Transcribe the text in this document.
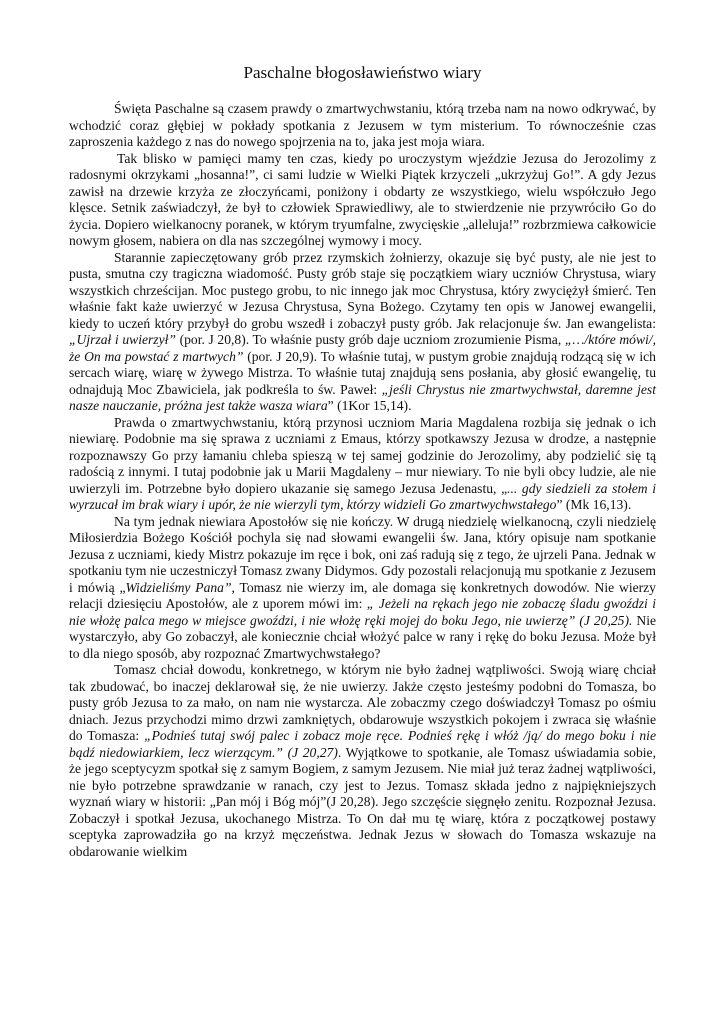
Paschalne błogosławieństwo wiary

Święta Paschalne są czasem prawdy o zmartwychwstaniu, którą trzeba nam na nowo odkrywać, by wchodzić coraz głębiej w pokłady spotkania z Jezusem w tym misterium. To równocześnie czas zaproszenia każdego z nas do nowego spojrzenia na to, jaka jest moja wiara.

Tak blisko w pamięci mamy ten czas, kiedy po uroczystym wjeździe Jezusa do Jerozolimy z radosnymi okrzykami „hosanna!”, ci sami ludzie w Wielki Piątek krzyczeli „ukrzyżuj Go!”. A gdy Jezus zawisł na drzewie krzyża ze złoczyńcami, poniżony i obdarty ze wszystkiego, wielu współczuło Jego klęsce. Setnik zaświadczył, że był to człowiek Sprawiedliwy, ale to stwierdzenie nie przywróciło Go do życia. Dopiero wielkanocny poranek, w którym tryumfalne, zwycięskie „alleluja!” rozbrzmiewa całkowicie nowym głosem, nabiera on dla nas szczególnej wymowy i mocy.

Starannie zapieczętowany grób przez rzymskich żołnierzy, okazuje się być pusty, ale nie jest to pusta, smutna czy tragiczna wiadomość. Pusty grób staje się początkiem wiary uczniów Chrystusa, wiary wszystkich chrześcijan. Moc pustego grobu, to nic innego jak moc Chrystusa, który zwyciężył śmierć. Ten właśnie fakt każe uwierzyć w Jezusa Chrystusa, Syna Bożego. Czytamy ten opis w Janowej ewangelii, kiedy to uczeń który przybył do grobu wszedł i zobaczył pusty grób. Jak relacjonuje św. Jan ewangelista: „Ujrzał i uwierzył” (por. J 20,8). To właśnie pusty grób daje uczniom zrozumienie Pisma, „…/które mówi/, że On ma powstać z martwych” (por. J 20,9). To właśnie tutaj, w pustym grobie znajdują rodzącą się w ich sercach wiarę, wiarę w żywego Mistrza. To właśnie tutaj znajdują sens posłania, aby głosić ewangelię, tu odnajdują Moc Zbawiciela, jak podkreśla to św. Paweł: „jeśli Chrystus nie zmartwychwstał, daremne jest nasze nauczanie, próżna jest także wasza wiara” (1Kor 15,14).

Prawda o zmartwychwstaniu, którą przynosi uczniom Maria Magdalena rozbija się jednak o ich niewiarę. Podobnie ma się sprawa z uczniami z Emaus, którzy spotkawszy Jezusa w drodze, a następnie rozpoznawszy Go przy łamaniu chleba spieszą w tej samej godzinie do Jerozolimy, aby podzielić się tą radością z innymi. I tutaj podobnie jak u Marii Magdaleny – mur niewiary. To nie byli obcy ludzie, ale nie uwierzyli im. Potrzebne było dopiero ukazanie się samego Jezusa Jedenastu, „... gdy siedzieli za stołem i wyrzucał im brak wiary i upór, że nie wierzyli tym, którzy widzieli Go zmartwychwstałego” (Mk 16,13).

Na tym jednak niewiara Apostołów się nie kończy. W drugą niedzielę wielkanocną, czyli niedzielę Miłosierdzia Bożego Kościół pochyla się nad słowami ewangelii św. Jana, który opisuje nam spotkanie Jezusa z uczniami, kiedy Mistrz pokazuje im ręce i bok, oni zaś radują się z tego, że ujrzeli Pana. Jednak w spotkaniu tym nie uczestniczył Tomasz zwany Didymos. Gdy pozostali relacjonują mu spotkanie z Jezusem i mówią „Widzieliśmy Pana”, Tomasz nie wierzy im, ale domaga się konkretnych dowodów. Nie wierzy relacji dziesięciu Apostołów, ale z uporem mówi im: „ Jeżeli na rękach jego nie zobaczę śladu gwoździ i nie włożę palca mego w miejsce gwoździ, i nie włożę ręki mojej do boku Jego, nie uwierzę” (J 20,25). Nie wystarczyło, aby Go zobaczył, ale koniecznie chciał włożyć palce w rany i rękę do boku Jezusa. Może był to dla niego sposób, aby rozpoznać Zmartwychwstałego?

Tomasz chciał dowodu, konkretnego, w którym nie było żadnej wątpliwości. Swoją wiarę chciał tak zbudować, bo inaczej deklarował się, że nie uwierzy. Jakże często jesteśmy podobni do Tomasza, bo pusty grób Jezusa to za mało, on nam nie wystarcza. Ale zobaczmy czego doświadczył Tomasz po ośmiu dniach. Jezus przychodzi mimo drzwi zamkniętych, obdarowuje wszystkich pokojem i zwraca się właśnie do Tomasza: „Podnieś tutaj swój palec i zobacz moje ręce. Podnieś rękę i włóż /ją/ do mego boku i nie bądź niedowiarkiem, lecz wierzącym.” (J 20,27). Wyjątkowe to spotkanie, ale Tomasz uświadamia sobie, że jego sceptycyzm spotkał się z samym Bogiem, z samym Jezusem. Nie miał już teraz żadnej wątpliwości, nie było potrzebne sprawdzanie w ranach, czy jest to Jezus. Tomasz składa jedno z najpiękniejszych wyznań wiary w historii: „Pan mój i Bóg mój”(J 20,28). Jego szczęście sięgnęło zenitu. Rozpoznał Jezusa. Zobaczył i spotkał Jezusa, ukochanego Mistrza. To On dał mu tę wiarę, która z początkowej postawy sceptyka zaprowadziła go na krzyż męczeństwa. Jednak Jezus w słowach do Tomasza wskazuje na obdarowanie wielkim
